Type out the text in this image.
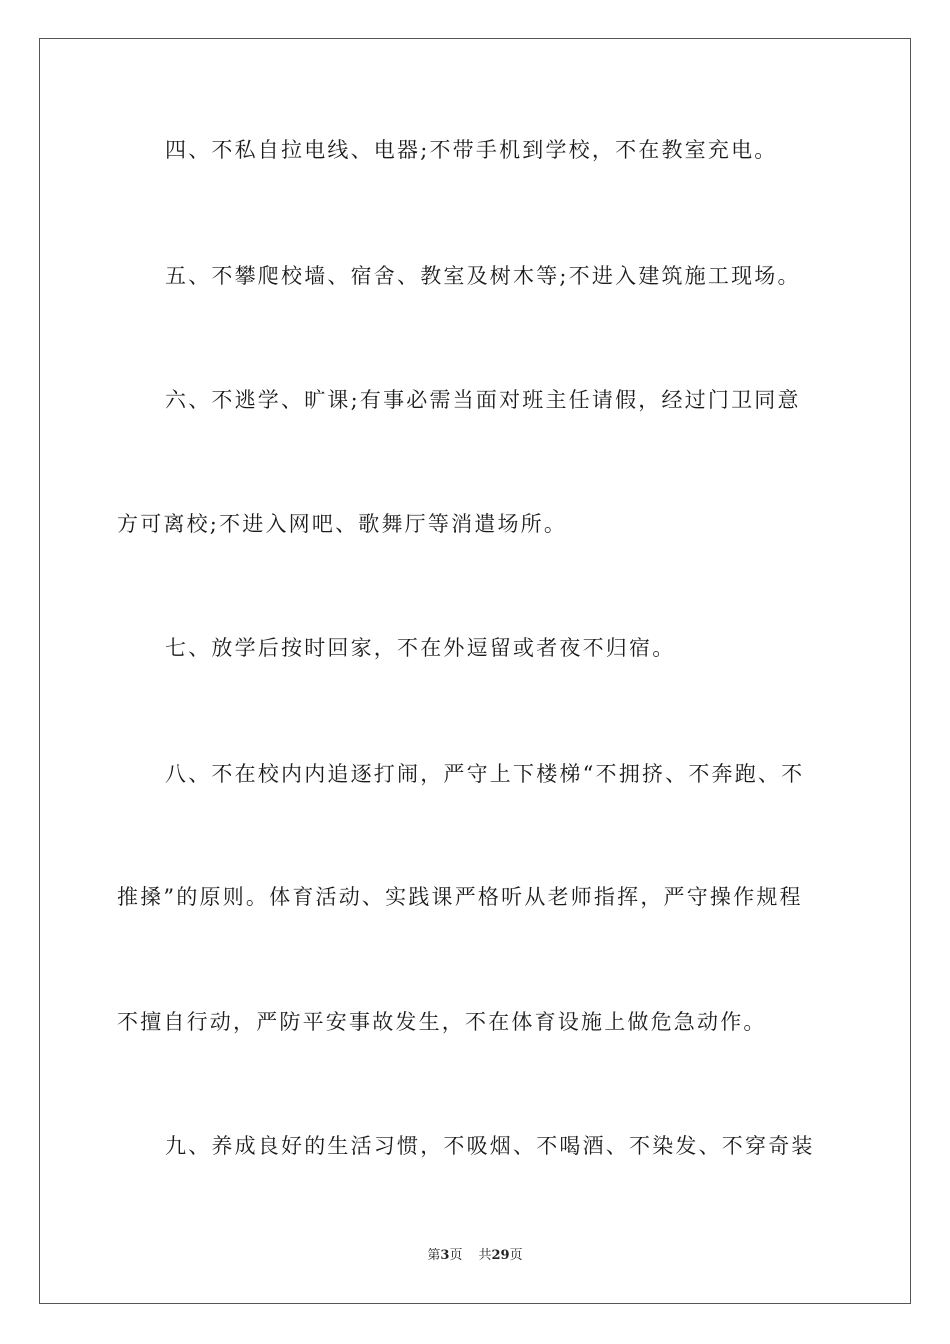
四、不私自拉电线、电器;不带手机到学校，不在教室充电。
五、不攀爬校墙、宿舍、教室及树木等;不进入建筑施工现场。
六、不逃学、旷课;有事必需当面对班主任请假，经过门卫同意
方可离校;不进入网吧、歌舞厅等消遣场所。
七、放学后按时回家，不在外逗留或者夜不归宿。
八、不在校内内追逐打闹，严守上下楼梯“不拥挤、不奔跑、不
推搡”的原则。体育活动、实践课严格听从老师指挥，严守操作规程
不擅自行动，严防平安事故发生，不在体育设施上做危急动作。
九、养成良好的生活习惯，不吸烟、不喝酒、不染发、不穿奇装
第3页 共29页
